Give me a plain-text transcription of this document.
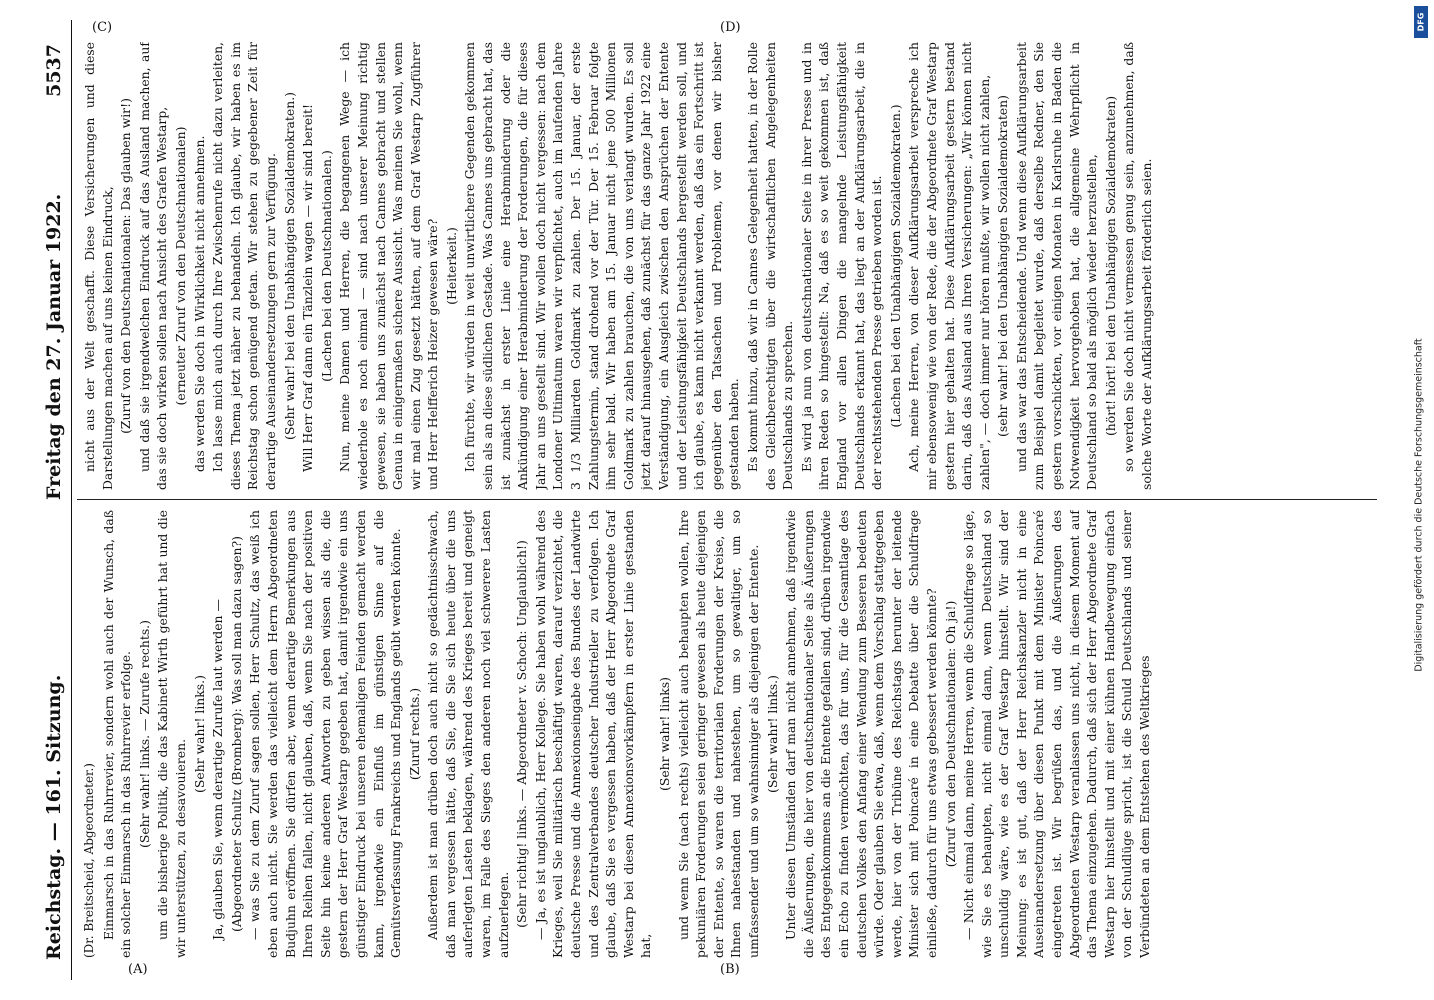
Reichstag. — 161. Sitzung.
Freitag den 27. Januar 1922.
5537

(Dr. Breitscheid, Abgeordneter.) Einmarsch in das Ruhrrevier, sondern wohl auch der Wunsch, daß ein solcher Einmarsch in das Ruhrrevier erfolge. (Sehr wahr! links. — Zurufe rechts.) um die bisherige Politik, die das Kabinett Wirth geführt hat und die wir unterstützen, zu desavouieren.

(Sehr wahr! links.) Ja, glauben Sie, wenn derartige Zurufe laut werden — (Abgeordneter Schultz (Bromberg): Was soll man dazu sagen?) — was Sie zu dem Zuruf sagen sollen, Herr Schultz, das weiß ich eben auch nicht. Sie werden das vielleicht dem Herrn Abgeordneten Budjuhn eröffnen. Sie dürfen aber, wenn derartige Bemerkungen aus Ihren Reihen fallen, nicht glauben, daß, wenn Sie nach der positiven Seite hin keine anderen Antworten zu geben wissen als die, die gestern der Herr Graf Westarp gegeben hat, damit irgendwie ein uns günstiger Eindruck bei unseren ehemaligen Feinden gemacht werden kann, irgendwie ein Einfluß im günstigen Sinne auf die Gemütsverfassung Frankreichs und Englands geübt werden könnte. (Zuruf rechts.) Außerdem ist man drüben doch auch nicht so gedächtnisschwach, daß man vergessen hätte, daß Sie, die Sie sich heute über die uns auferlegten Lasten beklagen, während des Krieges bereit und geneigt waren, im Falle des Sieges den anderen noch viel schwerere Lasten aufzuerlegen. (Sehr richtig! links. — Abgeordneter v. Schoch: Unglaublich!) — Ja, es ist unglaublich, Herr Kollege. Sie haben wohl während des Krieges, weil Sie militärisch beschäftigt waren, darauf verzichtet, die deutsche Presse und die Annexionseingabe des Bundes der Landwirte und des Zentralverbandes deutscher Industrieller zu verfolgen. Ich glaube, daß Sie es vergessen haben, daß der Herr Abgeordnete Graf Westarp bei diesen Annexionsvorkämpfern in erster Linie gestanden hat,

(Sehr wahr! links) und wenn Sie (nach rechts) vielleicht auch behaupten wollen, Ihre pekuniären Forderungen seien geringer gewesen als heute diejenigen der Entente, so waren die territorialen Forderungen der Kreise, die Ihnen nahestanden und nahestehen, um so gewaltiger, um so umfassender und um so wahnsinniger als diejenigen der Entente. (Sehr wahr! links.) Unter diesen Umständen darf man nicht annehmen, daß irgendwie die Äußerungen, die hier von deutschnationaler Seite als Äußerungen des Entgegenkommens an die Entente gefallen sind, drüben irgendwie ein Echo zu finden vermöchten, das für uns, für die Gesamtlage des deutschen Volkes den Anfang einer Wendung zum Besseren bedeuten würde. Oder glauben Sie etwa, daß, wenn dem Vorschlag stattgegeben werde, hier von der Tribüne des Reichstags herunter der leitende Minister sich mit Poincaré in eine Debatte über die Schuldfrage einließe, dadurch für uns etwas gebessert werden könnte? (Zuruf von den Deutschnationalen: Oh ja!) — Nicht einmal dann, meine Herren, wenn die Schuldfrage so läge, wie Sie es behaupten, nicht einmal dann, wenn Deutschland so unschuldig wäre, wie es der Graf Westarp hinstellt. Wir sind der Meinung: es ist gut, daß der Herr Reichskanzler nicht in eine Auseinandersetzung über diesen Punkt mit dem Minister Poincaré eingetreten ist. Wir begrüßen das, und die Äußerungen des Abgeordneten Westarp veranlassen uns nicht, in diesem Moment auf das Thema einzugehen. Dadurch, daß sich der Herr Abgeordnete Graf Westarp hier hinstellt und mit einer kühnen Handbewegung einfach von der Schuldlüge spricht, ist die Schuld Deutschlands und seiner Verbündeten an dem Entstehen des Weltkrieges

nicht aus der Welt geschafft. Diese Versicherungen und diese Darstellungen machen auf uns keinen Eindruck, (Zuruf von den Deutschnationalen: Das glauben wir!) und daß sie irgendwelchen Eindruck auf das Ausland machen, auf das sie doch wirken sollen nach Ansicht des Grafen Westarp, (erneuter Zuruf von den Deutschnationalen) das werden Sie doch in Wirklichkeit nicht annehmen. Ich lasse mich auch durch Ihre Zwischenrufe nicht dazu verleiten, dieses Thema jetzt näher zu behandeln. Ich glaube, wir haben es im Reichstag schon genügend getan. Wir stehen zu gegebener Zeit für derartige Auseinandersetzungen gern zur Verfügung. (Sehr wahr! bei den Unabhängigen Sozialdemokraten.) Will Herr Graf dann ein Tänzlein wagen — wir sind bereit! (Lachen bei den Deutschnationalen.) Nun, meine Damen und Herren, die begangenen Wege — ich wiederhole es noch einmal — sind nach unserer Meinung richtig gewesen, sie haben uns zunächst nach Cannes gebracht und stellen Genua in einigermaßen sichere Aussicht. Was meinen Sie wohl, wenn wir mal einen Zug gesetzt hätten, auf dem Graf Westarp Zugführer und Herr Helfferich Heizer gewesen wäre? (Heiterkeit.) Ich fürchte, wir würden in weit unwirtlichere Gegenden gekommen sein als an diese südlichen Gestade. Was Cannes uns gebracht hat, das ist zunächst in erster Linie eine Herabminderung oder die Ankündigung einer Herabminderung der Forderungen, die für dieses Jahr an uns gestellt sind. Wir wollen doch nicht vergessen: nach dem Londoner Ultimatum waren wir verpflichtet, auch im laufenden Jahre 3 1/3 Milliarden Goldmark zu zahlen. Der 15. Januar, der erste Zahlungstermin, stand drohend vor der Tür. Der 15. Februar folgte ihm sehr bald. Wir haben am 15. Januar nicht jene 500 Millionen Goldmark zu zahlen brauchen, die von uns verlangt wurden. Es soll jetzt darauf hinausgehen, daß zunächst für das ganze Jahr 1922 eine Verständigung, ein Ausgleich zwischen den Ansprüchen der Entente und der Leistungsfähigkeit Deutschlands hergestellt werden soll, und ich glaube, es kann nicht verkannt werden, daß das ein Fortschritt ist gegenüber den Tatsachen und Problemen, vor denen wir bisher gestanden haben. Es kommt hinzu, daß wir in Cannes Gelegenheit hatten, in der Rolle des Gleichberechtigten über die wirtschaftlichen Angelegenheiten Deutschlands zu sprechen. Es wird ja nun von deutschnationaler Seite in ihrer Presse und in ihren Reden so hingestellt: Na, daß es so weit gekommen ist, daß England vor allen Dingen die mangelnde Leistungsfähigkeit Deutschlands erkannt hat, das liegt an der Aufklärungsarbeit, die in der rechtsstehenden Presse getrieben worden ist. (Lachen bei den Unabhängigen Sozialdemokraten.) Ach, meine Herren, von dieser Aufklärungsarbeit verspreche ich mir ebensowenig wie von der Rede, die der Abgeordnete Graf Westarp gestern hier gehalten hat. Diese Aufklärungsarbeit gestern bestand darin, daß das Ausland aus Ihren Versicherungen: „Wir können nicht zahlen", — doch immer nur hören mußte, wir wollen nicht zahlen, (sehr wahr! bei den Unabhängigen Sozialdemokraten) und das war das Entscheidende. Und wenn diese Aufklärungsarbeit zum Beispiel damit begleitet wurde, daß derselbe Redner, den Sie gestern vorschickten, vor einigen Monaten in Karlsruhe in Baden die Notwendigkeit hervorgehoben hat, die allgemeine Wehrpflicht in Deutschland so bald als möglich wieder herzustellen, (hört! hört! bei den Unabhängigen Sozialdemokraten) so werden Sie doch nicht vermessen genug sein, anzunehmen, daß solche Worte der Aufklärungsarbeit förderlich seien.

(A)	(B)
(C)	(D)	DFG
Digitalisierung gefördert durch die Deutsche Forschungsgemeinschaft
